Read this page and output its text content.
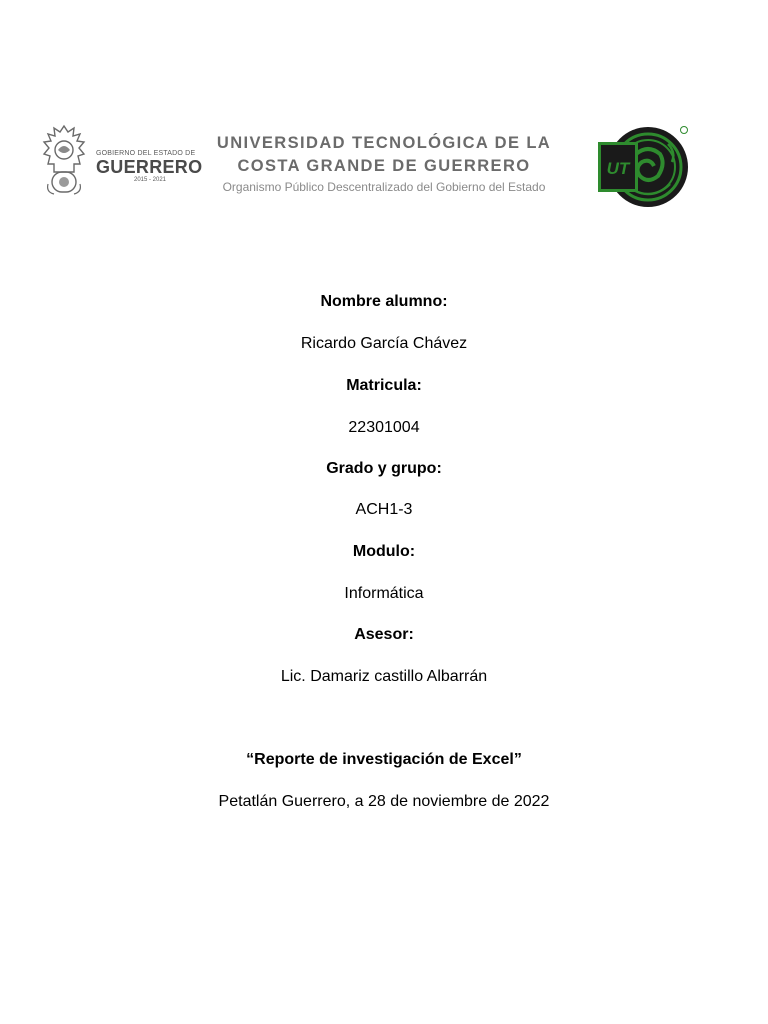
GOBIERNO DEL ESTADO DE
GUERRERO
2015 - 2021
UNIVERSIDAD TECNOLÓGICA DE LA
COSTA GRANDE DE GUERRERO
Organismo Público Descentralizado del Gobierno del Estado
UT
Nombre alumno:
Ricardo García Chávez
Matricula:
22301004
Grado y grupo:
ACH1-3
Modulo:
Informática
Asesor:
Lic. Damariz castillo Albarrán
“Reporte de investigación de Excel”
Petatlán Guerrero, a 28 de noviembre de 2022
